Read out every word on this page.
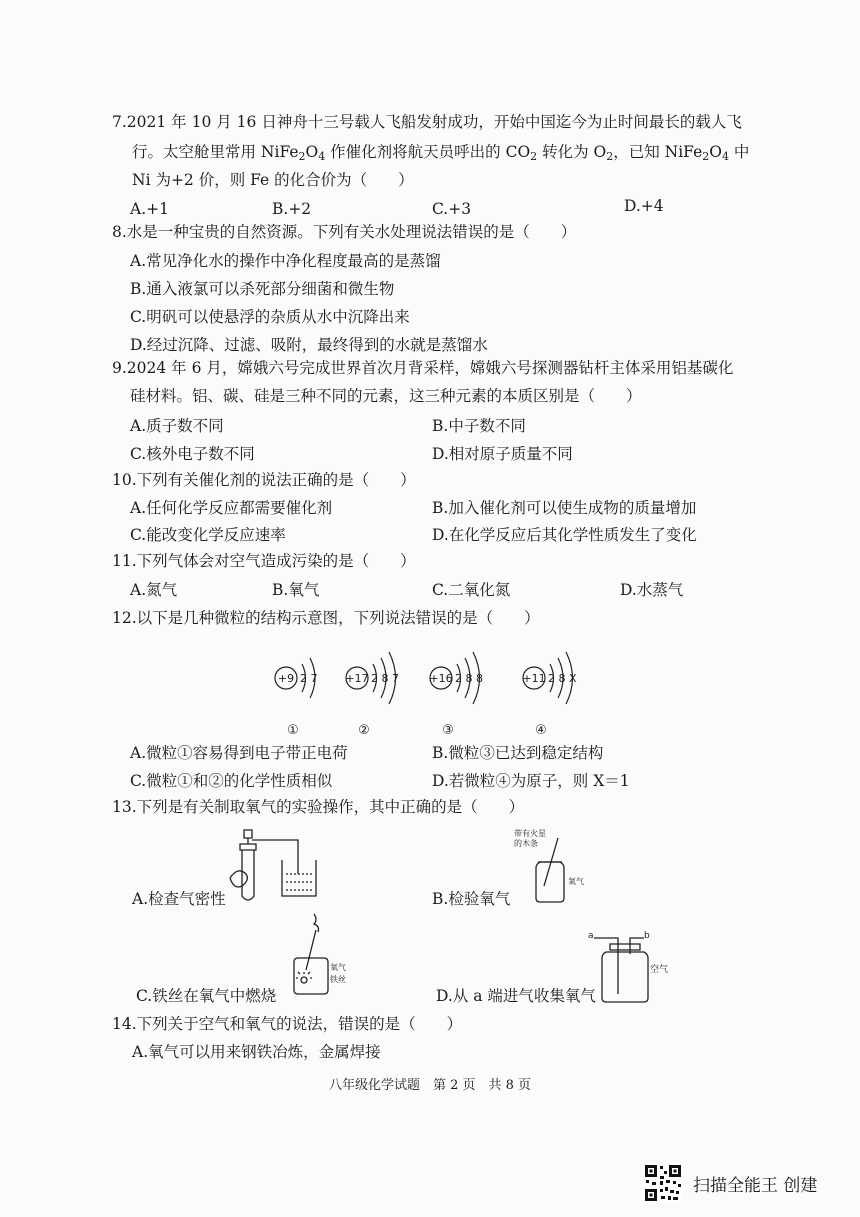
7.2021 年 10 月 16 日神舟十三号载人飞船发射成功，开始中国迄今为止时间最长的载人飞
行。太空舱里常用 $NiFe_2O_4$ 作催化剂将航天员呼出的 $CO_2$ 转化为 $O_2$，已知 $NiFe_2O_4$ 中
Ni 为+2 价，则 Fe 的化合价为（　　）
A.+1	B.+2	C.+3	D.+4
8.水是一种宝贵的自然资源。下列有关水处理说法错误的是（　　）
A.常见净化水的操作中净化程度最高的是蒸馏
B.通入液氯可以杀死部分细菌和微生物
C.明矾可以使悬浮的杂质从水中沉降出来
D.经过沉降、过滤、吸附，最终得到的水就是蒸馏水
9.2024 年 6 月，嫦娥六号完成世界首次月背采样，嫦娥六号探测器钻杆主体采用铝基碳化
硅材料。铝、碳、硅是三种不同的元素，这三种元素的本质区别是（　　）
A.质子数不同	B.中子数不同
C.核外电子数不同	D.相对原子质量不同
10.下列有关催化剂的说法正确的是（　　）
A.任何化学反应都需要催化剂	B.加入催化剂可以使生成物的质量增加
C.能改变化学反应速率	D.在化学反应后其化学性质发生了变化
11.下列气体会对空气造成污染的是（　　）
A.氮气	B.氧气	C.二氧化氮	D.水蒸气
12.以下是几种微粒的结构示意图，下列说法错误的是（　　）
+9 2 7	+17 2 8 7	+16 2 8 8	+11 2 8 X
①	②	③	④
A.微粒①容易得到电子带正电荷	B.微粒③已达到稳定结构
C.微粒①和②的化学性质相似	D.若微粒④为原子，则 X＝1
13.下列是有关制取氧气的实验操作，其中正确的是（　　）
A.检查气密性
带有火星
的木条
氧气
B.检验氧气
氧气
铁丝
C.铁丝在氧气中燃烧
a	b
空气
D.从 a 端进气收集氧气
14.下列关于空气和氧气的说法，错误的是（　　）
A.氧气可以用来钢铁冶炼，金属焊接
八年级化学试题　第 2 页　共 8 页
扫描全能王 创建
